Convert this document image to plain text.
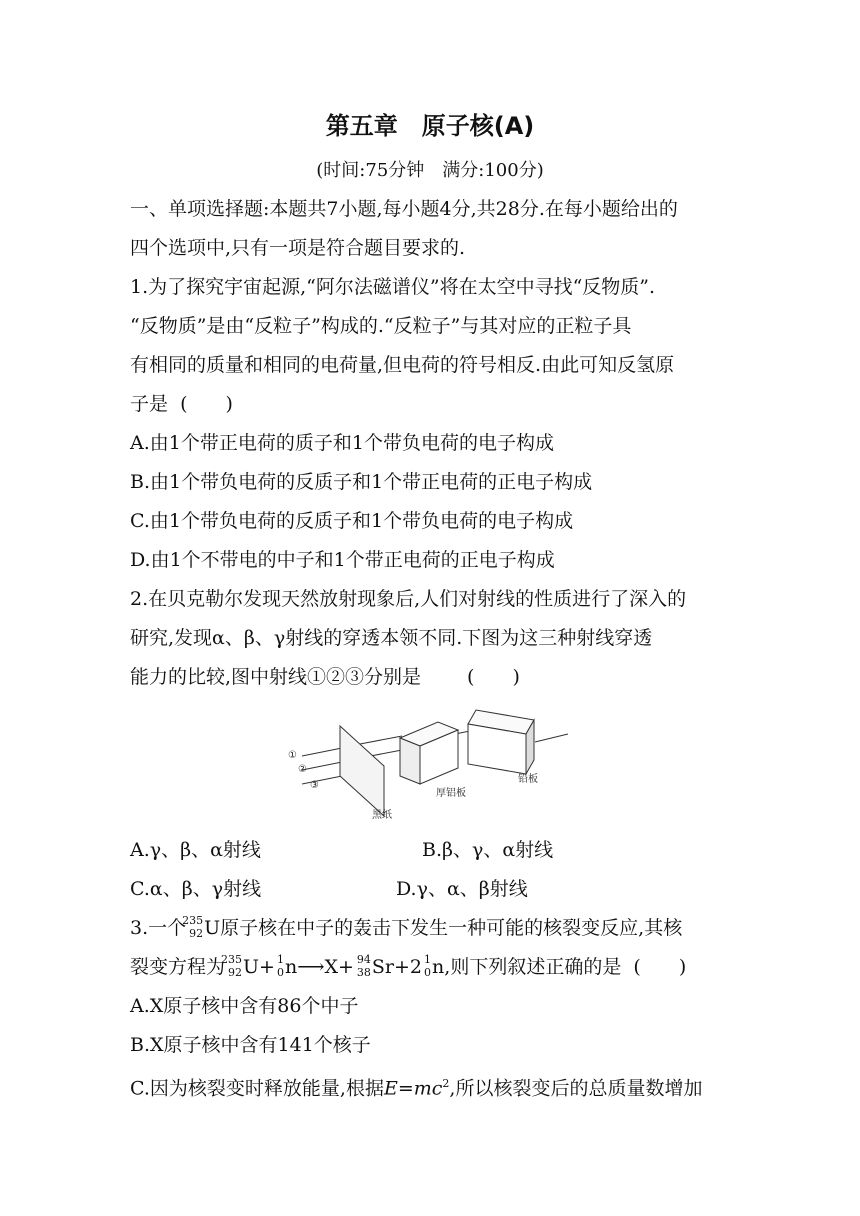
第五章　原子核(A)
(时间:75分钟　满分:100分)
一、单项选择题:本题共7小题,每小题4分,共28分.在每小题给出的
四个选项中,只有一项是符合题目要求的.
1.为了探究宇宙起源,“阿尔法磁谱仪”将在太空中寻找“反物质”.
“反物质”是由“反粒子”构成的.“反粒子”与其对应的正粒子具
有相同的质量和相同的电荷量,但电荷的符号相反.由此可知反氢原
子是 ( )
A.由1个带正电荷的质子和1个带负电荷的电子构成
B.由1个带负电荷的反质子和1个带正电荷的正电子构成
C.由1个带负电荷的反质子和1个带负电荷的电子构成
D.由1个不带电的中子和1个带正电荷的正电子构成
2.在贝克勒尔发现天然放射现象后,人们对射线的性质进行了深入的
研究,发现α、β、γ射线的穿透本领不同.下图为这三种射线穿透
能力的比较,图中射线①②③分别是 ( )
①
②
③
黑纸
厚铝板
铅板
A.γ、β、α射线	B.β、γ、α射线
C.α、β、γ射线	D.γ、α、β射线
3.一个
235
92 U原子核在中子的轰击下发生一种可能的核裂变反应,其核
裂变方程为
235
92 U+ 1
0 n⟶X+ 94
38 Sr+2 1
0 n,则下列叙述正确的是 ( )
A.X原子核中含有86个中子
B.X原子核中含有141个核子
C.因为核裂变时释放能量,根据$E=mc^2$,所以核裂变后的总质量数增加
